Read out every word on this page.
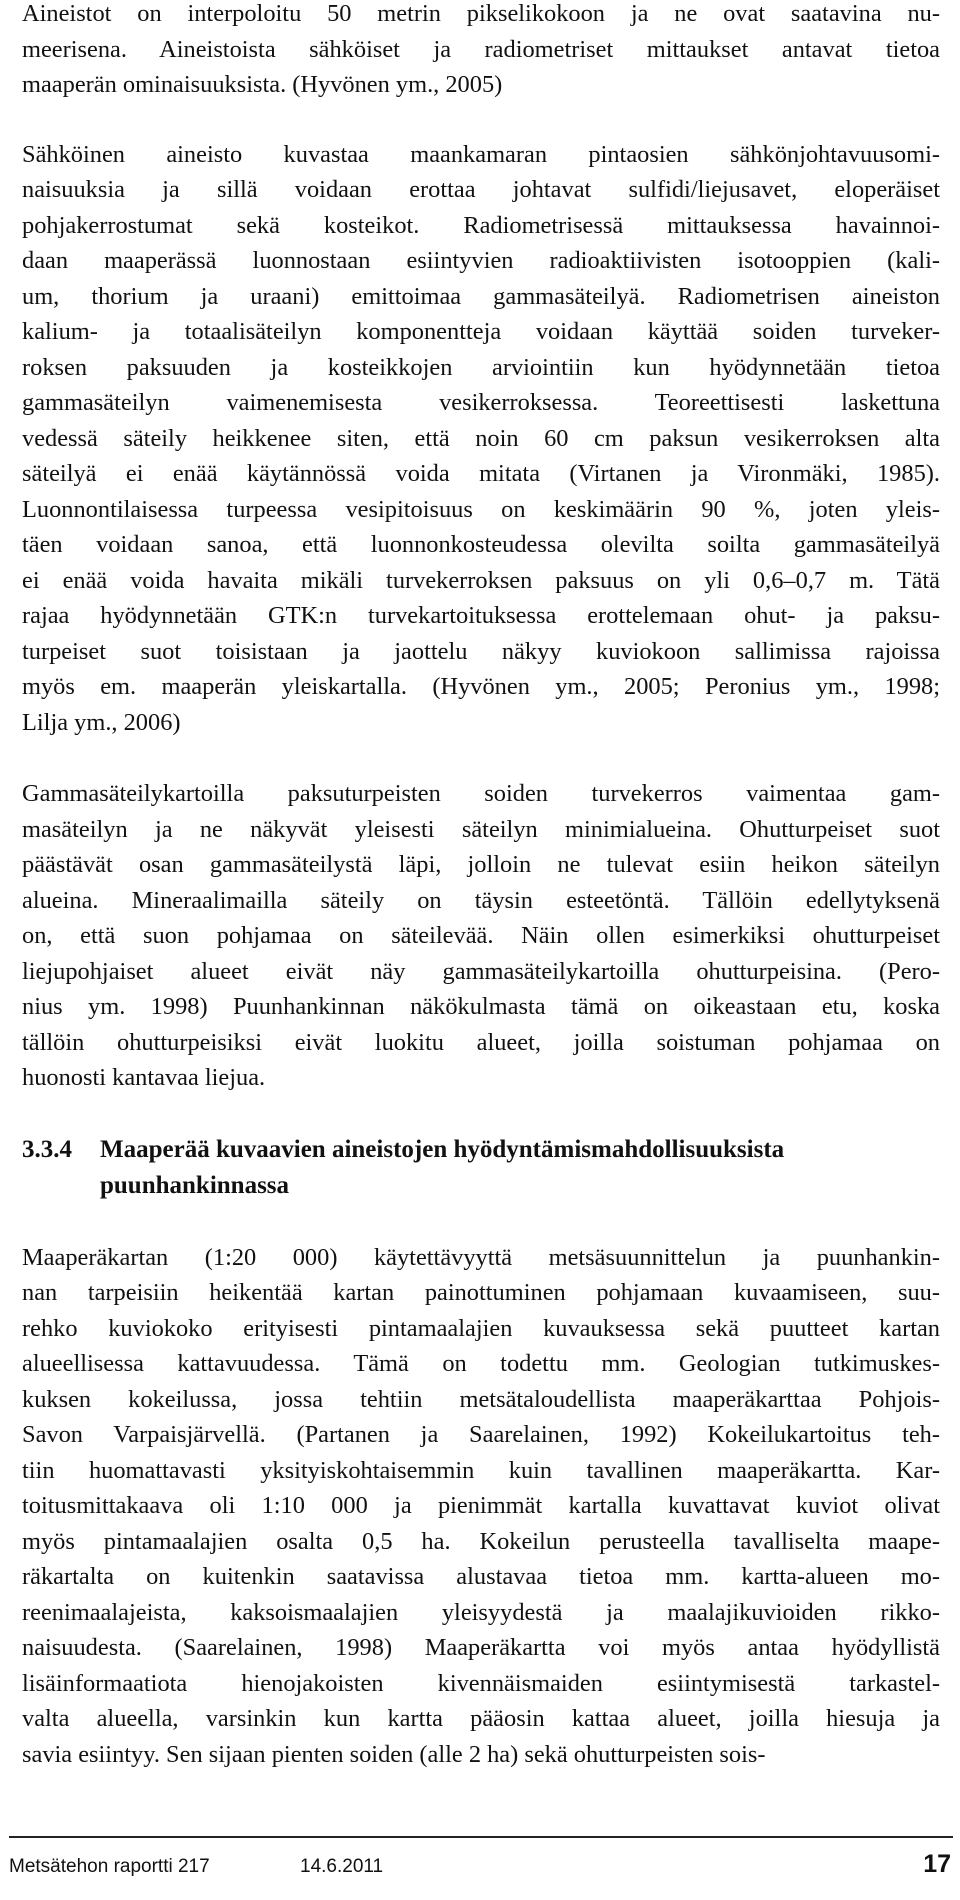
Aineistot on interpoloitu 50 metrin pikselikokoon ja ne ovat saatavina nu-
meerisena. Aineistoista sähköiset ja radiometriset mittaukset antavat tietoa
maaperän ominaisuuksista. (Hyvönen ym., 2005)

Sähköinen aineisto kuvastaa maankamaran pintaosien sähkönjohtavuusomi-
naisuuksia ja sillä voidaan erottaa johtavat sulfidi/liejusavet, eloperäiset
pohjakerrostumat sekä kosteikot. Radiometrisessä mittauksessa havainnoi-
daan maaperässä luonnostaan esiintyvien radioaktiivisten isotooppien (kali-
um, thorium ja uraani) emittoimaa gammasäteilyä. Radiometrisen aineiston
kalium- ja totaalisäteilyn komponentteja voidaan käyttää soiden turveker-
roksen paksuuden ja kosteikkojen arviointiin kun hyödynnetään tietoa
gammasäteilyn vaimenemisesta vesikerroksessa. Teoreettisesti laskettuna
vedessä säteily heikkenee siten, että noin 60 cm paksun vesikerroksen alta
säteilyä ei enää käytännössä voida mitata (Virtanen ja Vironmäki, 1985).
Luonnontilaisessa turpeessa vesipitoisuus on keskimäärin 90 %, joten yleis-
täen voidaan sanoa, että luonnonkosteudessa olevilta soilta gammasäteilyä
ei enää voida havaita mikäli turvekerroksen paksuus on yli 0,6–0,7 m. Tätä
rajaa hyödynnetään GTK:n turvekartoituksessa erottelemaan ohut- ja paksu-
turpeiset suot toisistaan ja jaottelu näkyy kuviokoon sallimissa rajoissa
myös em. maaperän yleiskartalla. (Hyvönen ym., 2005; Peronius ym., 1998;
Lilja ym., 2006)

Gammasäteilykartoilla paksuturpeisten soiden turvekerros vaimentaa gam-
masäteilyn ja ne näkyvät yleisesti säteilyn minimialueina. Ohutturpeiset suot
päästävät osan gammasäteilystä läpi, jolloin ne tulevat esiin heikon säteilyn
alueina. Mineraalimailla säteily on täysin esteetöntä. Tällöin edellytyksenä
on, että suon pohjamaa on säteilevää. Näin ollen esimerkiksi ohutturpeiset
liejupohjaiset alueet eivät näy gammasäteilykartoilla ohutturpeisina. (Pero-
nius ym. 1998) Puunhankinnan näkökulmasta tämä on oikeastaan etu, koska
tällöin ohutturpeisiksi eivät luokitu alueet, joilla soistuman pohjamaa on
huonosti kantavaa liejua.

3.3.4 Maaperää kuvaavien aineistojen hyödyntämismahdollisuuksista
puunhankinnassa

Maaperäkartan (1:20 000) käytettävyyttä metsäsuunnittelun ja puunhankin-
nan tarpeisiin heikentää kartan painottuminen pohjamaan kuvaamiseen, suu-
rehko kuviokoko erityisesti pintamaalajien kuvauksessa sekä puutteet kartan
alueellisessa kattavuudessa. Tämä on todettu mm. Geologian tutkimuskes-
kuksen kokeilussa, jossa tehtiin metsätaloudellista maaperäkarttaa Pohjois-
Savon Varpaisjärvellä. (Partanen ja Saarelainen, 1992) Kokeilukartoitus teh-
tiin huomattavasti yksityiskohtaisemmin kuin tavallinen maaperäkartta. Kar-
toitusmittakaava oli 1:10 000 ja pienimmät kartalla kuvattavat kuviot olivat
myös pintamaalajien osalta 0,5 ha. Kokeilun perusteella tavalliselta maape-
räkartalta on kuitenkin saatavissa alustavaa tietoa mm. kartta-alueen mo-
reenimaalajeista, kaksoismaalajien yleisyydestä ja maalajikuvioiden rikko-
naisuudesta. (Saarelainen, 1998) Maaperäkartta voi myös antaa hyödyllistä
lisäinformaatiota hienojakoisten kivennäismaiden esiintymisestä tarkastel-
valta alueella, varsinkin kun kartta pääosin kattaa alueet, joilla hiesuja ja
savia esiintyy. Sen sijaan pienten soiden (alle 2 ha) sekä ohutturpeisten sois-

Metsätehon raportti 217	14.6.2011	17
